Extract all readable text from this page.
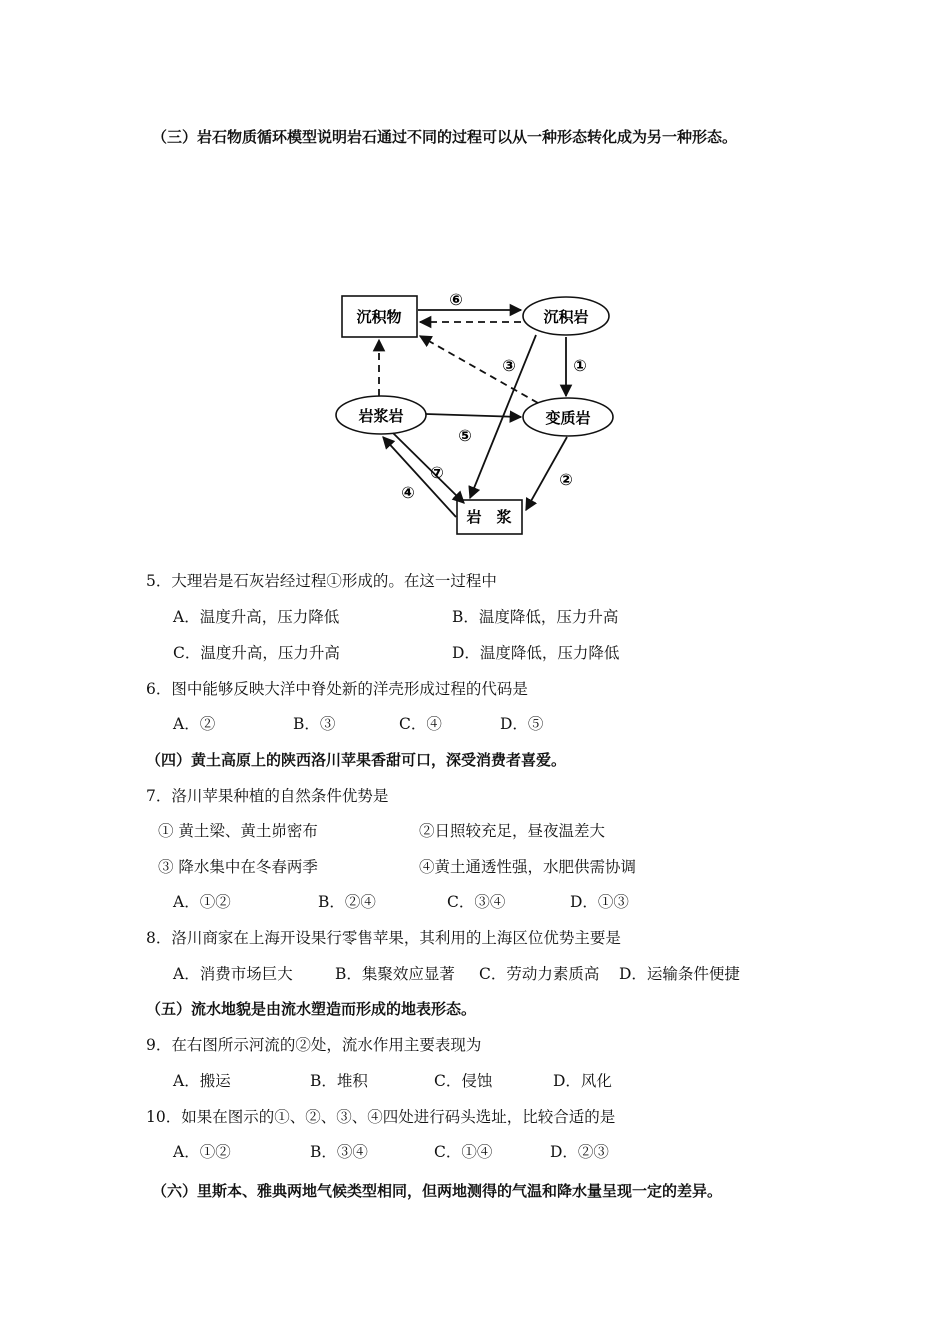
（三）岩石物质循环模型说明岩石通过不同的过程可以从一种形态转化成为另一种形态。
沉积物	沉积岩
岩浆岩	变质岩
岩　浆
⑥
③	①
⑤
⑦	②
④
5．大理岩是石灰岩经过程①形成的。在这一过程中
A．温度升高，压力降低	B．温度降低，压力升高
C．温度升高，压力升高	D．温度降低，压力降低
6．图中能够反映大洋中脊处新的洋壳形成过程的代码是
A．②	B．③	C．④	D．⑤
（四）黄土高原上的陕西洛川苹果香甜可口，深受消费者喜爱。
7．洛川苹果种植的自然条件优势是
① 黄土梁、黄土峁密布	②日照较充足，昼夜温差大
③ 降水集中在冬春两季	④黄土通透性强，水肥供需协调
A．①②	B．②④	C．③④	D．①③
8．洛川商家在上海开设果行零售苹果，其利用的上海区位优势主要是
A．消费市场巨大	B．集聚效应显著 C．劳动力素质高 D．运输条件便捷
（五）流水地貌是由流水塑造而形成的地表形态。
9．在右图所示河流的②处，流水作用主要表现为
A．搬运	B．堆积	C．侵蚀	D．风化
10．如果在图示的①、②、③、④四处进行码头选址，比较合适的是
A．①②	B．③④	C．①④	D．②③
（六）里斯本、雅典两地气候类型相同，但两地测得的气温和降水量呈现一定的差异。
